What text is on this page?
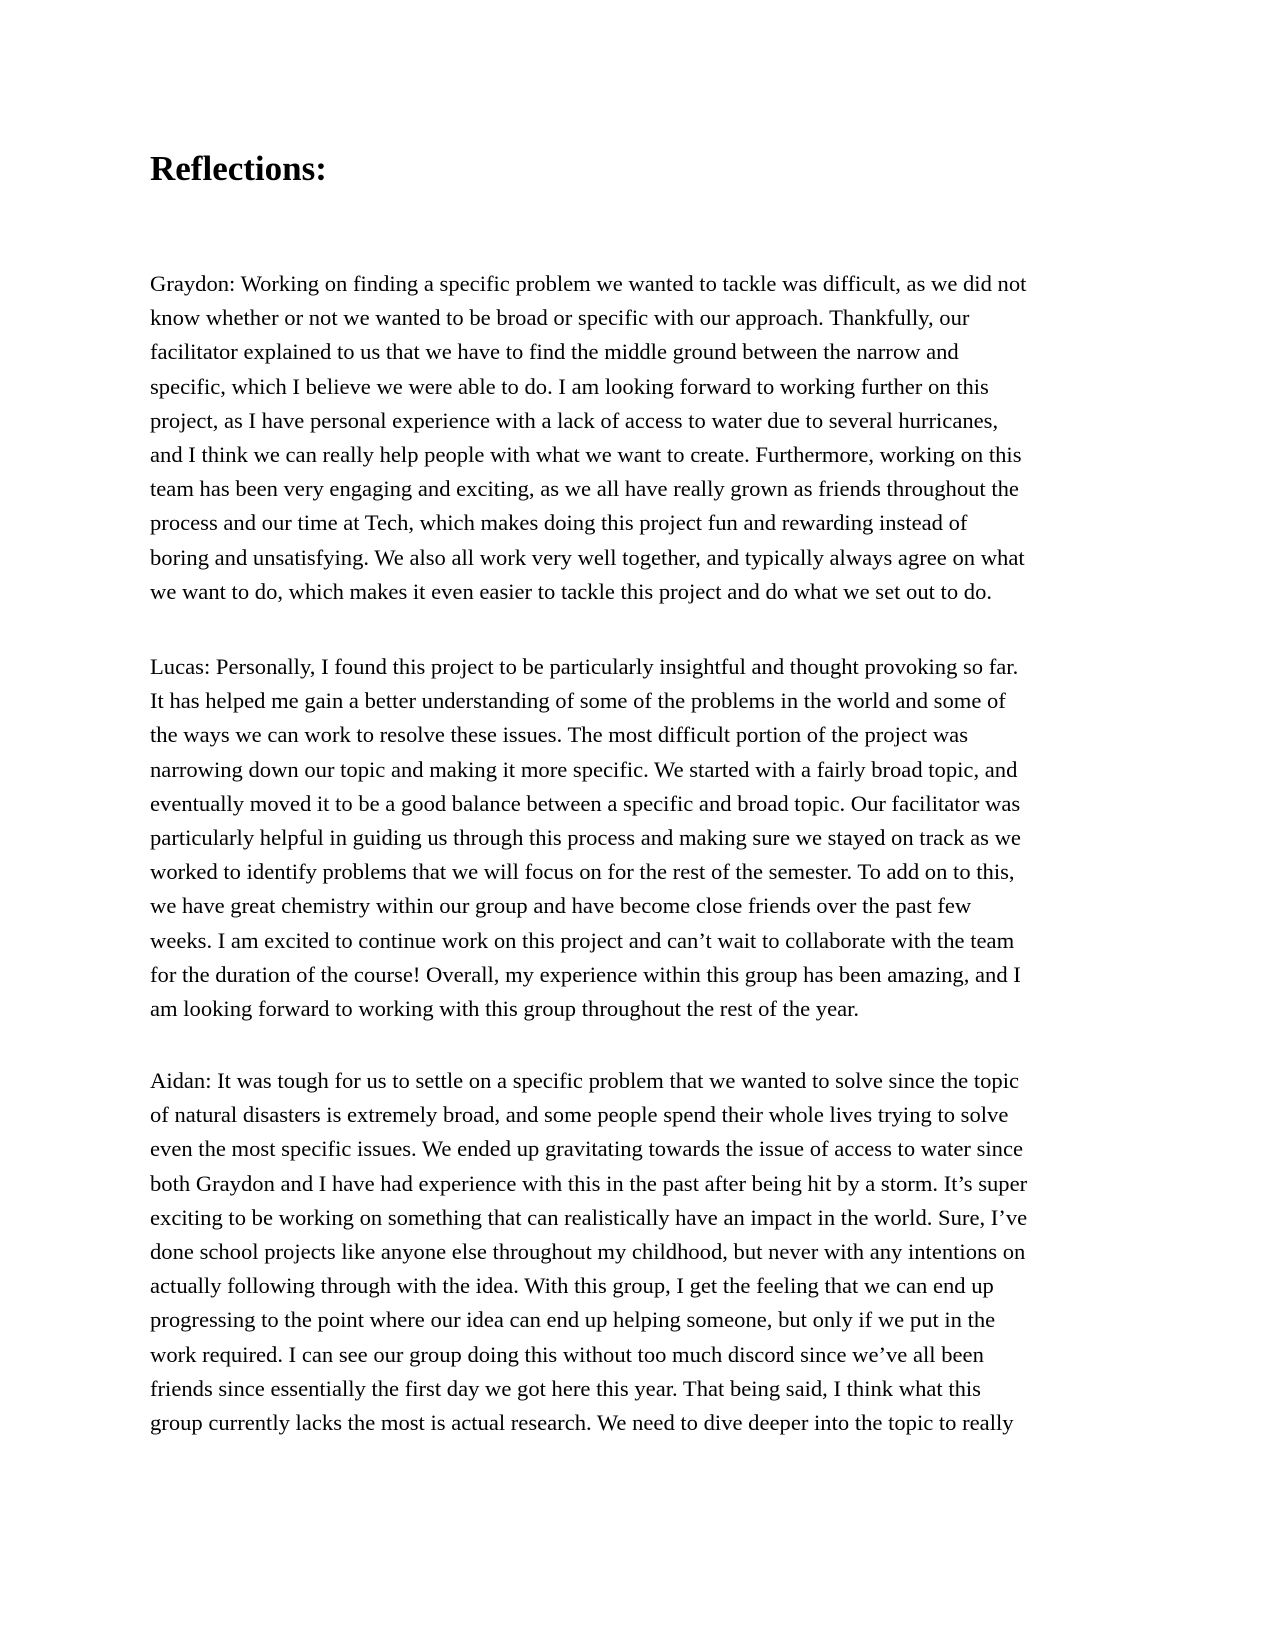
Reflections:
Graydon: Working on finding a specific problem we wanted to tackle was difficult, as we did not
know whether or not we wanted to be broad or specific with our approach. Thankfully, our
facilitator explained to us that we have to find the middle ground between the narrow and
specific, which I believe we were able to do. I am looking forward to working further on this
project, as I have personal experience with a lack of access to water due to several hurricanes,
and I think we can really help people with what we want to create. Furthermore, working on this
team has been very engaging and exciting, as we all have really grown as friends throughout the
process and our time at Tech, which makes doing this project fun and rewarding instead of
boring and unsatisfying. We also all work very well together, and typically always agree on what
we want to do, which makes it even easier to tackle this project and do what we set out to do.
Lucas: Personally, I found this project to be particularly insightful and thought provoking so far.
It has helped me gain a better understanding of some of the problems in the world and some of
the ways we can work to resolve these issues. The most difficult portion of the project was
narrowing down our topic and making it more specific. We started with a fairly broad topic, and
eventually moved it to be a good balance between a specific and broad topic. Our facilitator was
particularly helpful in guiding us through this process and making sure we stayed on track as we
worked to identify problems that we will focus on for the rest of the semester. To add on to this,
we have great chemistry within our group and have become close friends over the past few
weeks. I am excited to continue work on this project and can’t wait to collaborate with the team
for the duration of the course! Overall, my experience within this group has been amazing, and I
am looking forward to working with this group throughout the rest of the year.
Aidan: It was tough for us to settle on a specific problem that we wanted to solve since the topic
of natural disasters is extremely broad, and some people spend their whole lives trying to solve
even the most specific issues. We ended up gravitating towards the issue of access to water since
both Graydon and I have had experience with this in the past after being hit by a storm. It’s super
exciting to be working on something that can realistically have an impact in the world. Sure, I’ve
done school projects like anyone else throughout my childhood, but never with any intentions on
actually following through with the idea. With this group, I get the feeling that we can end up
progressing to the point where our idea can end up helping someone, but only if we put in the
work required. I can see our group doing this without too much discord since we’ve all been
friends since essentially the first day we got here this year. That being said, I think what this
group currently lacks the most is actual research. We need to dive deeper into the topic to really
